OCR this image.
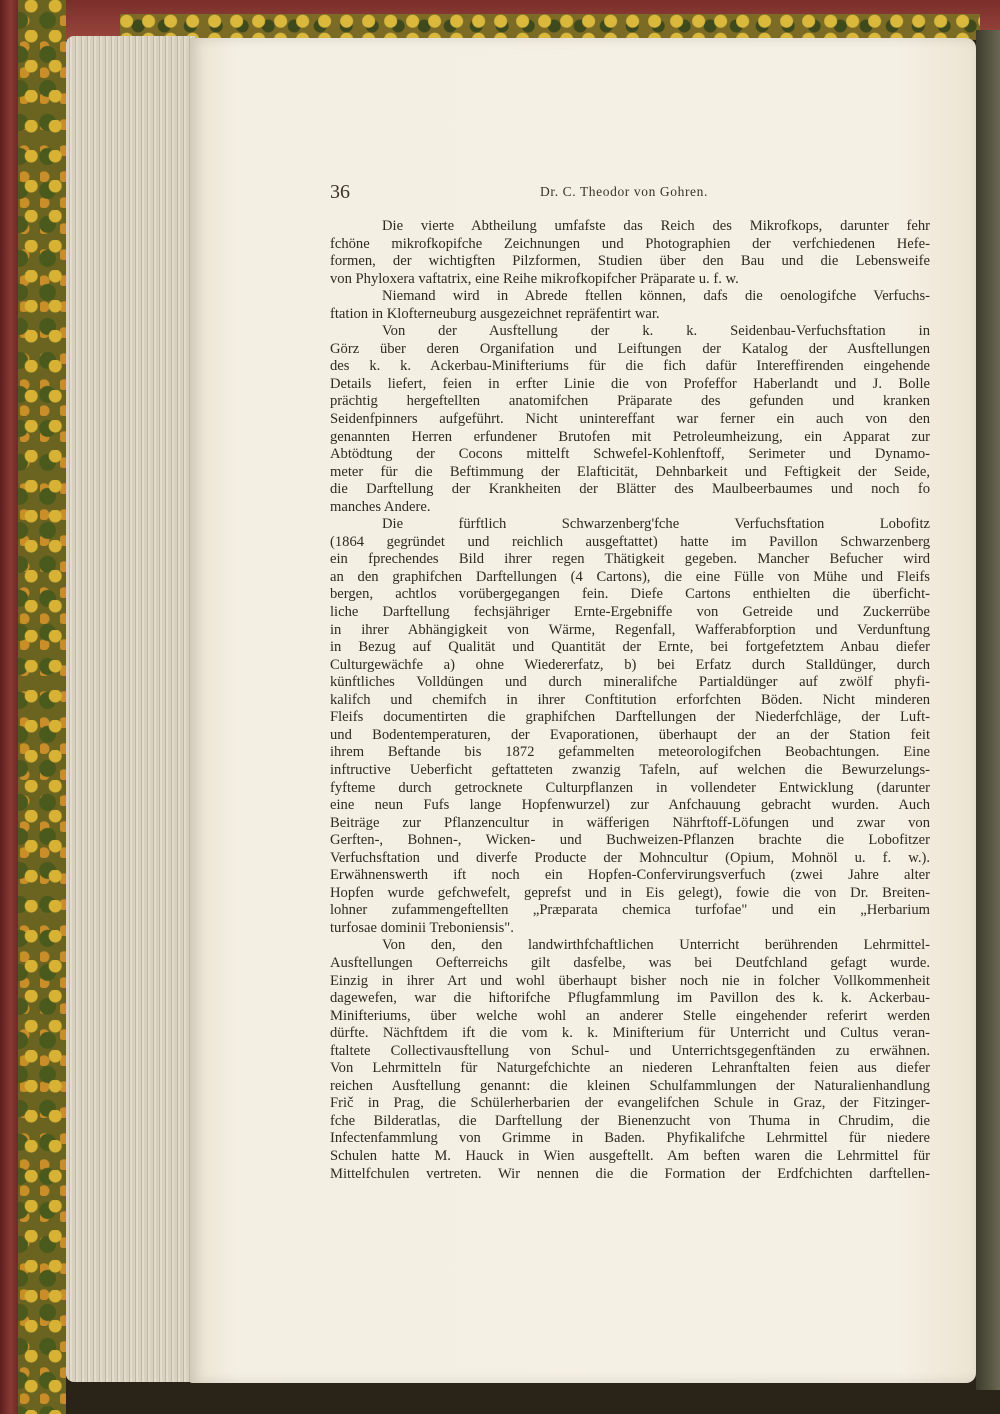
36	Dr. C. Theodor von Gohren.
Die vierte Abtheilung umfafste das Reich des Mikrofkops, darunter fehr
fchöne mikrofkopifche Zeichnungen und Photographien der verfchiedenen Hefe-
formen, der wichtigften Pilzformen, Studien über den Bau und die Lebensweife
von Phyloxera vaftatrix, eine Reihe mikrofkopifcher Präparate u. f. w.
Niemand wird in Abrede ftellen können, dafs die oenologifche Verfuchs-
ftation in Klofterneuburg ausgezeichnet repräfentirt war.
Von der Ausftellung der k. k. Seidenbau-Verfuchsftation in
Görz über deren Organifation und Leiftungen der Katalog der Ausftellungen
des k. k. Ackerbau-Minifteriums für die fich dafür Intereffirenden eingehende
Details liefert, feien in erfter Linie die von Profeffor Haberlandt und J. Bolle
prächtig hergeftellten anatomifchen Präparate des gefunden und kranken
Seidenfpinners aufgeführt. Nicht unintereffant war ferner ein auch von den
genannten Herren erfundener Brutofen mit Petroleumheizung, ein Apparat zur
Abtödtung der Cocons mittelft Schwefel-Kohlenftoff, Serimeter und Dynamo-
meter für die Beftimmung der Elafticität, Dehnbarkeit und Feftigkeit der Seide,
die Darftellung der Krankheiten der Blätter des Maulbeerbaumes und noch fo
manches Andere.
Die fürftlich Schwarzenberg'fche Verfuchsftation Lobofitz
(1864 gegründet und reichlich ausgeftattet) hatte im Pavillon Schwarzenberg
ein fprechendes Bild ihrer regen Thätigkeit gegeben. Mancher Befucher wird
an den graphifchen Darftellungen (4 Cartons), die eine Fülle von Mühe und Fleifs
bergen, achtlos vorübergegangen fein. Diefe Cartons enthielten die überficht-
liche Darftellung fechsjähriger Ernte-Ergebniffe von Getreide und Zuckerrübe
in ihrer Abhängigkeit von Wärme, Regenfall, Wafferabforption und Verdunftung
in Bezug auf Qualität und Quantität der Ernte, bei fortgefetztem Anbau diefer
Culturgewächfe a) ohne Wiedererfatz, b) bei Erfatz durch Stalldünger, durch
künftliches Volldüngen und durch mineralifche Partialdünger auf zwölf phyfi-
kalifch und chemifch in ihrer Conftitution erforfchten Böden. Nicht minderen
Fleifs documentirten die graphifchen Darftellungen der Niederfchläge, der Luft-
und Bodentemperaturen, der Evaporationen, überhaupt der an der Station feit
ihrem Beftande bis 1872 gefammelten meteorologifchen Beobachtungen. Eine
inftructive Ueberficht geftatteten zwanzig Tafeln, auf welchen die Bewurzelungs-
fyfteme durch getrocknete Culturpflanzen in vollendeter Entwicklung (darunter
eine neun Fufs lange Hopfenwurzel) zur Anfchauung gebracht wurden. Auch
Beiträge zur Pflanzencultur in wäfferigen Nährftoff-Löfungen und zwar von
Gerften-, Bohnen-, Wicken- und Buchweizen-Pflanzen brachte die Lobofitzer
Verfuchsftation und diverfe Producte der Mohncultur (Opium, Mohnöl u. f. w.).
Erwähnenswerth ift noch ein Hopfen-Confervirungsverfuch (zwei Jahre alter
Hopfen wurde gefchwefelt, geprefst und in Eis gelegt), fowie die von Dr. Breiten-
lohner zufammengeftellten „Præparata chemica turfofae" und ein „Herbarium
turfosae dominii Treboniensis".
Von den, den landwirthfchaftlichen Unterricht berührenden Lehrmittel-
Ausftellungen Oefterreichs gilt dasfelbe, was bei Deutfchland gefagt wurde.
Einzig in ihrer Art und wohl überhaupt bisher noch nie in folcher Vollkommenheit
dagewefen, war die hiftorifche Pflugfammlung im Pavillon des k. k. Ackerbau-
Minifteriums, über welche wohl an anderer Stelle eingehender referirt werden
dürfte. Nächftdem ift die vom k. k. Minifterium für Unterricht und Cultus veran-
ftaltete Collectivausftellung von Schul- und Unterrichtsgegenftänden zu erwähnen.
Von Lehrmitteln für Naturgefchichte an niederen Lehranftalten feien aus diefer
reichen Ausftellung genannt: die kleinen Schulfammlungen der Naturalienhandlung
Frič in Prag, die Schülerherbarien der evangelifchen Schule in Graz, der Fitzinger-
fche Bilderatlas, die Darftellung der Bienenzucht von Thuma in Chrudim, die
Infectenfammlung von Grimme in Baden. Phyfikalifche Lehrmittel für niedere
Schulen hatte M. Hauck in Wien ausgeftellt. Am beften waren die Lehrmittel für
Mittelfchulen vertreten. Wir nennen die die Formation der Erdfchichten darftellen-
